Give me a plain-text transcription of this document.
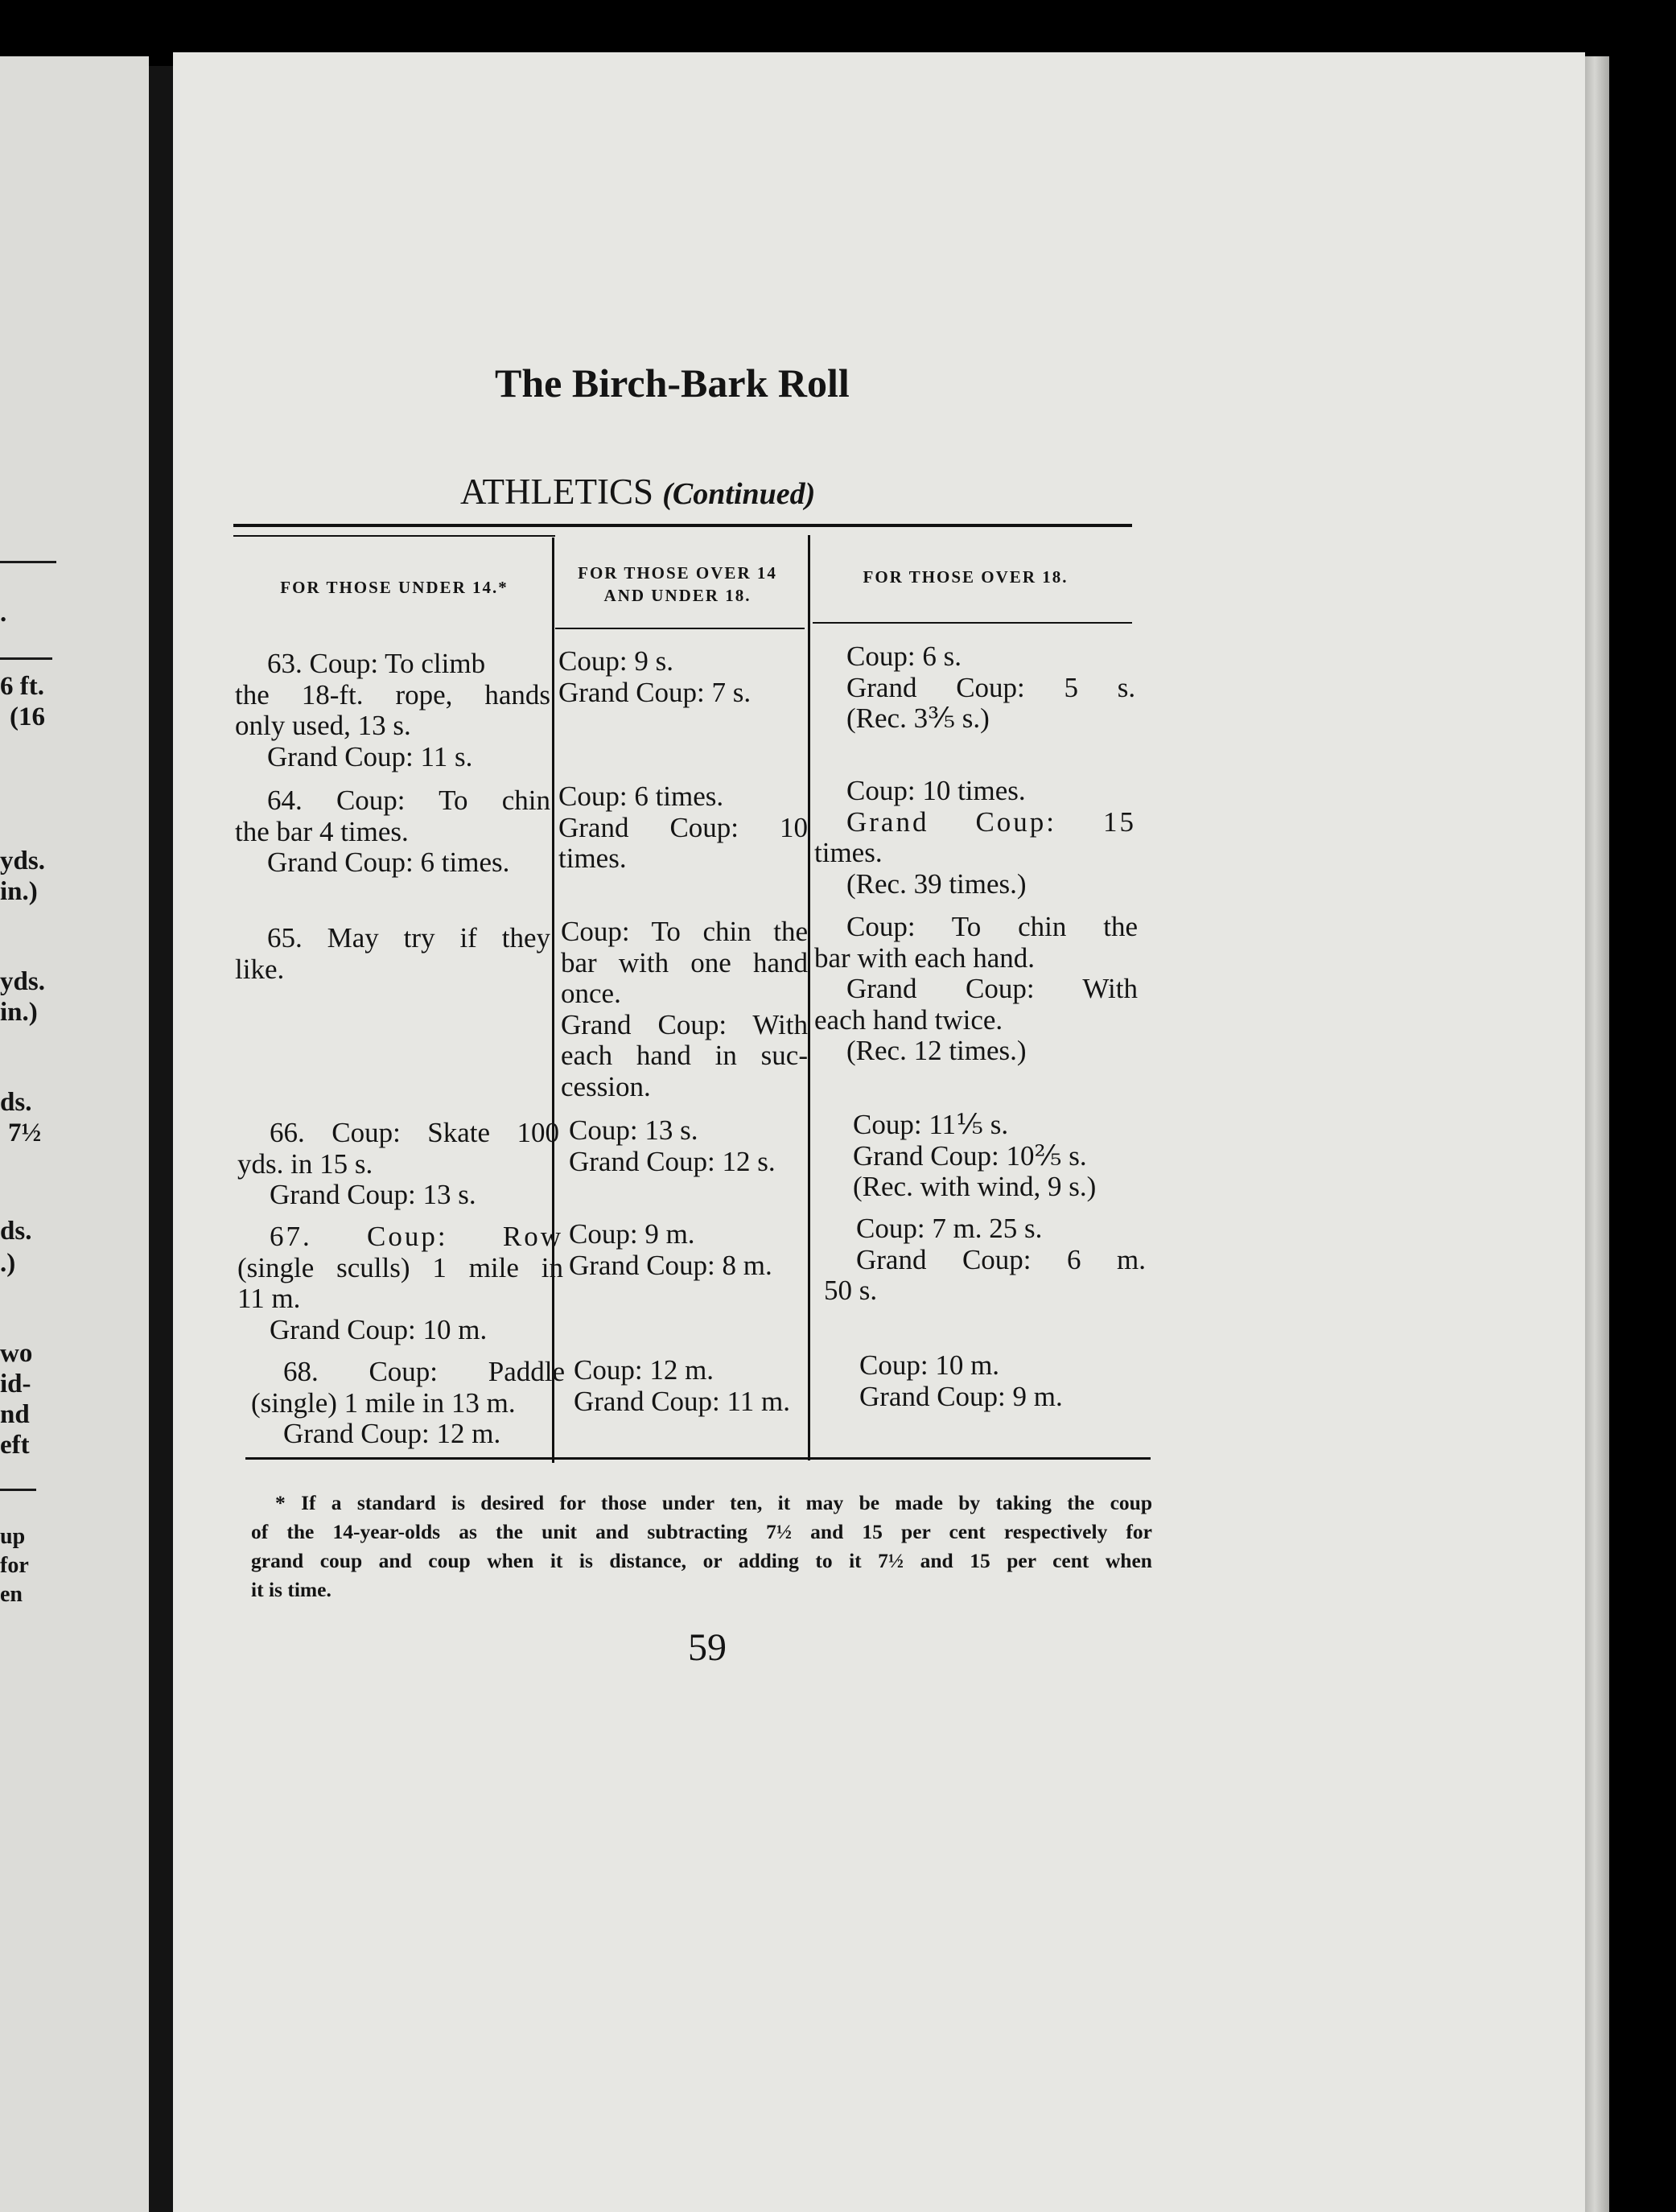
.
6 ft.
(16
yds.
in.)
yds.
in.)
ds.
7½
ds.
.)
wo
id-
nd
eft
up
for
en
The Birch-Bark Roll
ATHLETICS (Continued)
FOR THOSE UNDER 14.*
FOR THOSE OVER 14
AND UNDER 18.
FOR THOSE OVER 18.
63. Coup: To climb
the 18-ft. rope, hands
only used, 13 s.
Grand Coup: 11 s.
Coup: 9 s.
Grand Coup: 7 s.
Coup: 6 s.
Grand Coup: 5 s.
(Rec. 3⅗ s.)
64. Coup: To chin
the bar 4 times.
Grand Coup: 6 times.
Coup: 6 times.
Grand Coup: 10
times.
Coup: 10 times.
Grand Coup: 15
times.
(Rec. 39 times.)
65. May try if they
like.
Coup: To chin the
bar with one hand
once.
Grand Coup: With
each hand in suc-
cession.
Coup: To chin the
bar with each hand.
Grand Coup: With
each hand twice.
(Rec. 12 times.)
66. Coup: Skate 100
yds. in 15 s.
Grand Coup: 13 s.
Coup: 13 s.
Grand Coup: 12 s.
Coup: 11⅕ s.
Grand Coup: 10⅖ s.
(Rec. with wind, 9 s.)
67. Coup: Row
(single sculls) 1 mile in
11 m.
Grand Coup: 10 m.
Coup: 9 m.
Grand Coup: 8 m.
Coup: 7 m. 25 s.
Grand Coup: 6 m.
50 s.
68. Coup: Paddle
(single) 1 mile in 13 m.
Grand Coup: 12 m.
Coup: 12 m.
Grand Coup: 11 m.
Coup: 10 m.
Grand Coup: 9 m.
* If a standard is desired for those under ten, it may be made by taking the coup
of the 14-year-olds as the unit and subtracting 7½ and 15 per cent respectively for
grand coup and coup when it is distance, or adding to it 7½ and 15 per cent when
it is time.
59
